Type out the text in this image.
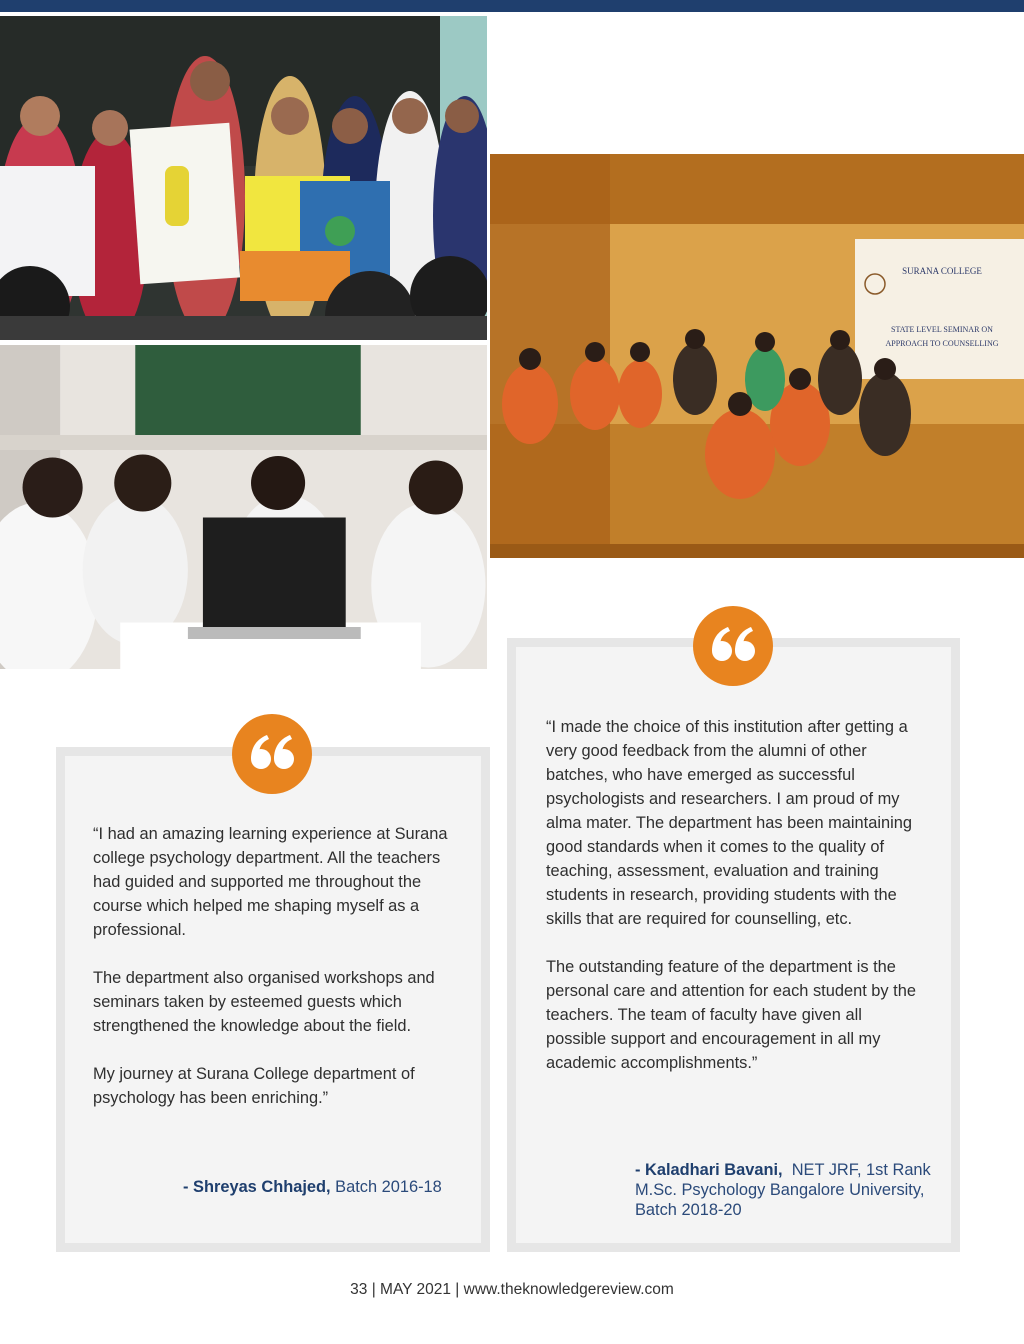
SURANA COLLEGE
STATE LEVEL SEMINAR ON
APPROACH TO COUNSELLING

“I had an amazing learning experience at Surana college psychology department. All the teachers had guided and supported me throughout the course which helped me shaping myself as a professional.

The department also organised workshops and seminars taken by esteemed guests which strengthened the knowledge about the field.

My journey at Surana College department of psychology has been enriching.”

- Shreyas Chhajed, Batch 2016-18

“I made the choice of this institution after getting a very good feedback from the alumni of other batches, who have emerged as successful psychologists and researchers. I am proud of my alma mater. The department has been maintaining good standards when it comes to the quality of teaching, assessment, evaluation and training students in research, providing students with the skills that are required for counselling, etc.

The outstanding feature of the department is the personal care and attention for each student by the teachers. The team of faculty have given all possible support and encouragement in all my academic accomplishments.”

- Kaladhari Bavani, NET JRF, 1st Rank
M.Sc. Psychology Bangalore University,
Batch 2018-20
33 | MAY 2021 | www.theknowledgereview.com
